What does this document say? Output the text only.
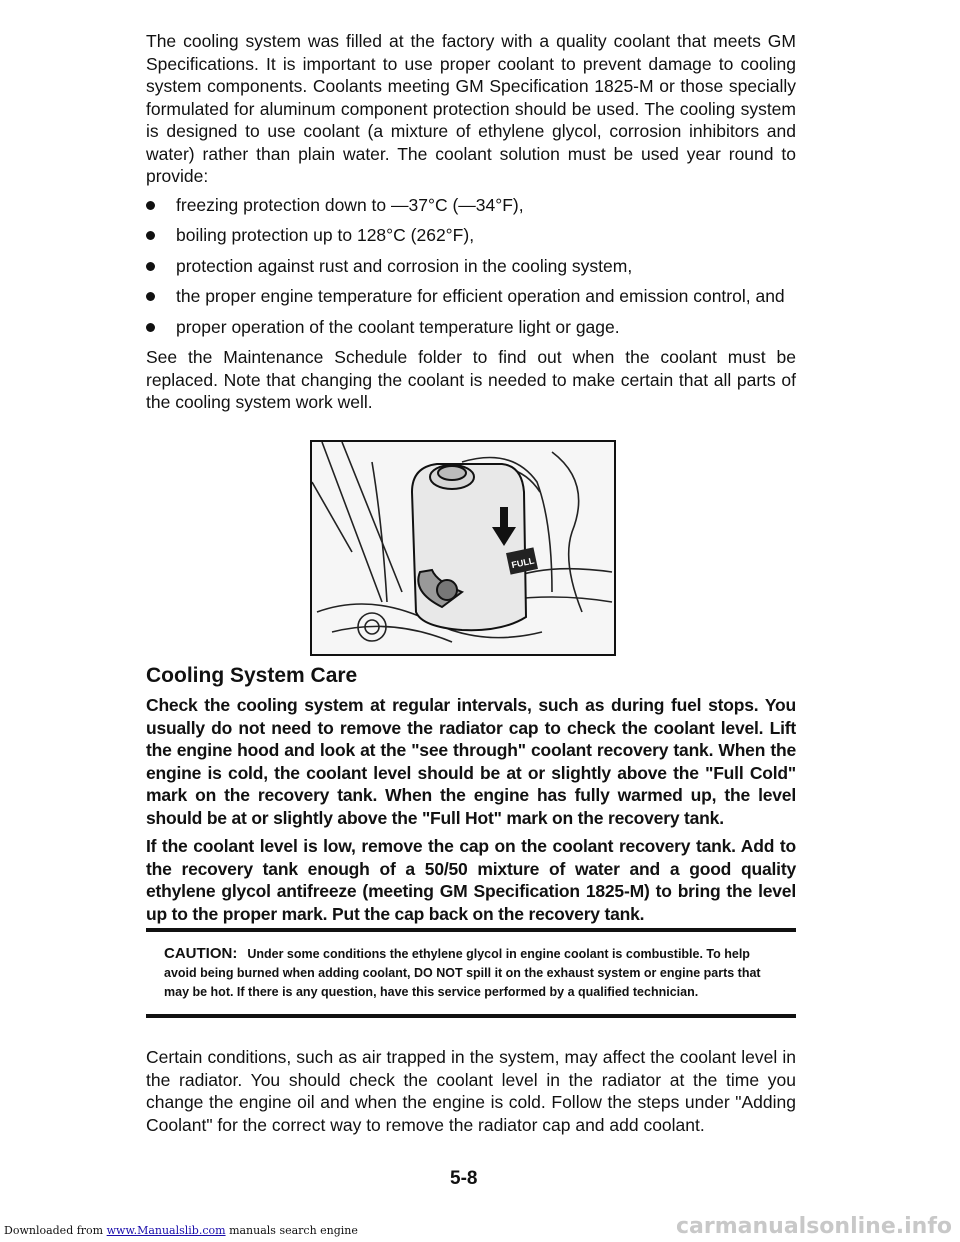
The cooling system was filled at the factory with a quality coolant that meets GM Specifications. It is important to use proper coolant to prevent damage to cooling system components. Coolants meeting GM Specification 1825-M or those specially formulated for aluminum component protection should be used. The cooling system is designed to use coolant (a mixture of ethylene glycol, corrosion inhibitors and water) rather than plain water. The coolant solution must be used year round to provide:

freezing protection down to —37°C (—34°F),
boiling protection up to 128°C (262°F),
protection against rust and corrosion in the cooling system,
the proper engine temperature for efficient operation and emission control, and
proper operation of the coolant temperature light or gage.

See the Maintenance Schedule folder to find out when the coolant must be replaced. Note that changing the coolant is needed to make certain that all parts of the cooling system work well.

FULL
Cooling System Care

Check the cooling system at regular intervals, such as during fuel stops. You usually do not need to remove the radiator cap to check the coolant level. Lift the engine hood and look at the "see through" coolant recovery tank. When the engine is cold, the coolant level should be at or slightly above the "Full Cold" mark on the recovery tank. When the engine has fully warmed up, the level should be at or slightly above the "Full Hot" mark on the recovery tank.

If the coolant level is low, remove the cap on the coolant recovery tank. Add to the recovery tank enough of a 50/50 mixture of water and a good quality ethylene glycol antifreeze (meeting GM Specification 1825-M) to bring the level up to the proper mark. Put the cap back on the recovery tank.

CAUTION: Under some conditions the ethylene glycol in engine coolant is combustible. To help avoid being burned when adding coolant, DO NOT spill it on the exhaust system or engine parts that may be hot. If there is any question, have this service performed by a qualified technician.

Certain conditions, such as air trapped in the system, may affect the coolant level in the radiator. You should check the coolant level in the radiator at the time you change the engine oil and when the engine is cold. Follow the steps under "Adding Coolant" for the correct way to remove the radiator cap and add coolant.

5-8

Downloaded from www.Manualslib.com manuals search engine	carmanualsonline.info
